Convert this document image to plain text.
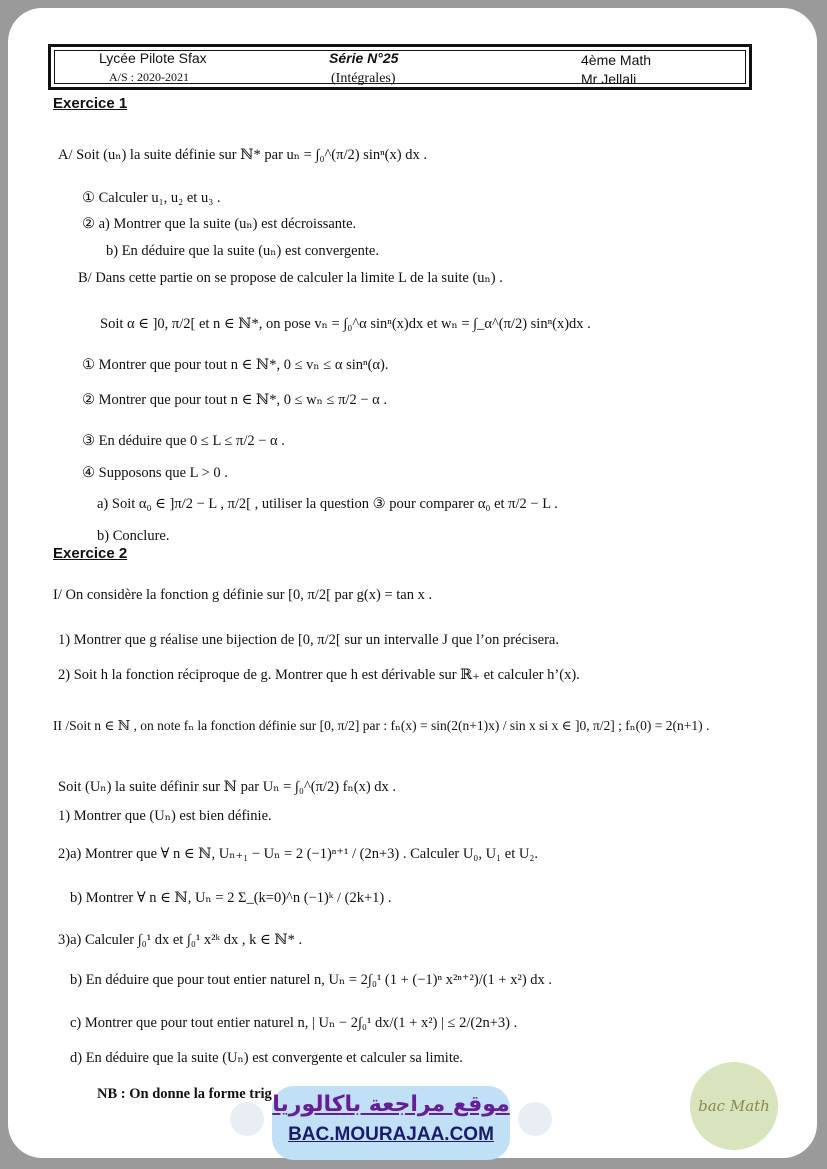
Lycée Pilote Sfax
A/S : 2020-2021
Série N°25
(Intégrales)
4ème Math
Mr Jellali
Exercice 1
A/ Soit (uₙ) la suite définie sur ℕ* par uₙ = ∫₀^(π/2) sinⁿ(x) dx .
① Calculer u₁, u₂ et u₃ .
② a) Montrer que la suite (uₙ) est décroissante.
b) En déduire que la suite (uₙ) est convergente.
B/ Dans cette partie on se propose de calculer la limite L de la suite (uₙ) .
Soit α ∈ ]0, π/2[ et n ∈ ℕ*, on pose vₙ = ∫₀^α sinⁿ(x)dx et wₙ = ∫_α^(π/2) sinⁿ(x)dx .
① Montrer que pour tout n ∈ ℕ*, 0 ≤ vₙ ≤ α sinⁿ(α).
② Montrer que pour tout n ∈ ℕ*, 0 ≤ wₙ ≤ π/2 − α .
③ En déduire que 0 ≤ L ≤ π/2 − α .
④ Supposons que L > 0 .
a) Soit α₀ ∈ ]π/2 − L , π/2[ , utiliser la question ③ pour comparer α₀ et π/2 − L .
b) Conclure.
Exercice 2
I/ On considère la fonction g définie sur [0, π/2[ par g(x) = tan x .
1) Montrer que g réalise une bijection de [0, π/2[ sur un intervalle J que l’on précisera.
2) Soit h la fonction réciproque de g. Montrer que h est dérivable sur ℝ₊ et calculer h’(x).
II /Soit n ∈ ℕ , on note fₙ la fonction définie sur [0, π/2] par : fₙ(x) = sin(2(n+1)x) / sin x si x ∈ ]0, π/2] ; fₙ(0) = 2(n+1) .
Soit (Uₙ) la suite définir sur ℕ par Uₙ = ∫₀^(π/2) fₙ(x) dx .
1) Montrer que (Uₙ) est bien définie.
2)a) Montrer que ∀ n ∈ ℕ, Uₙ₊₁ − Uₙ = 2 (−1)ⁿ⁺¹ / (2n+3) . Calculer U₀, U₁ et U₂.
b) Montrer ∀ n ∈ ℕ, Uₙ = 2 Σ_(k=0)^n (−1)ᵏ / (2k+1) .
3)a) Calculer ∫₀¹ dx et ∫₀¹ x²ᵏ dx , k ∈ ℕ* .
b) En déduire que pour tout entier naturel n, Uₙ = 2∫₀¹ (1 + (−1)ⁿ x²ⁿ⁺²)/(1 + x²) dx .
c) Montrer que pour tout entier naturel n, | Uₙ − 2∫₀¹ dx/(1 + x²) | ≤ 2/(2n+3) .
d) En déduire que la suite (Uₙ) est convergente et calculer sa limite.
NB : On donne la forme trig موقع مراجعة باكالوريا
BAC.MOURAJAA.COM
bac Math
